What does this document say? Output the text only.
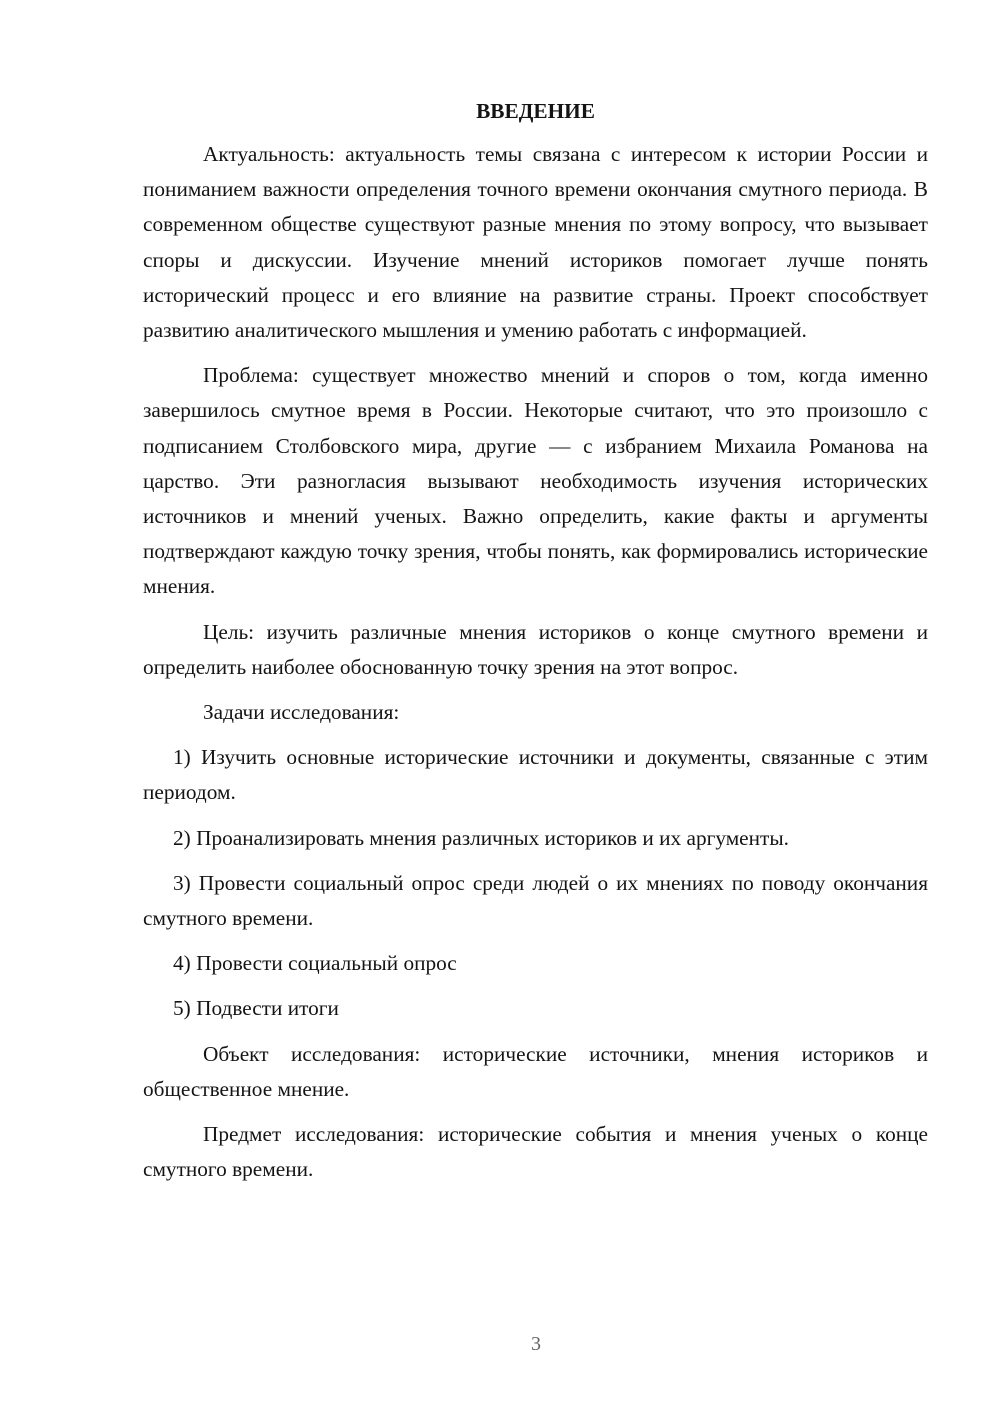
ВВЕДЕНИЕ

Актуальность: актуальность темы связана с интересом к истории России и пониманием важности определения точного времени окончания смутного периода. В современном обществе существуют разные мнения по этому вопросу, что вызывает споры и дискуссии. Изучение мнений историков помогает лучше понять исторический процесс и его влияние на развитие страны. Проект способствует развитию аналитического мышления и умению работать с информацией.

Проблема: существует множество мнений и споров о том, когда именно завершилось смутное время в России. Некоторые считают, что это произошло с подписанием Столбовского мира, другие — с избранием Михаила Романова на царство. Эти разногласия вызывают необходимость изучения исторических источников и мнений ученых. Важно определить, какие факты и аргументы подтверждают каждую точку зрения, чтобы понять, как формировались исторические мнения.

Цель: изучить различные мнения историков о конце смутного времени и определить наиболее обоснованную точку зрения на этот вопрос.

Задачи исследования:

1) Изучить основные исторические источники и документы, связанные с этим периодом.

2) Проанализировать мнения различных историков и их аргументы.

3) Провести социальный опрос среди людей о их мнениях по поводу окончания смутного времени.

4) Провести социальный опрос

5) Подвести итоги

Объект исследования: исторические источники, мнения историков и общественное мнение.

Предмет исследования: исторические события и мнения ученых о конце смутного времени.

3
